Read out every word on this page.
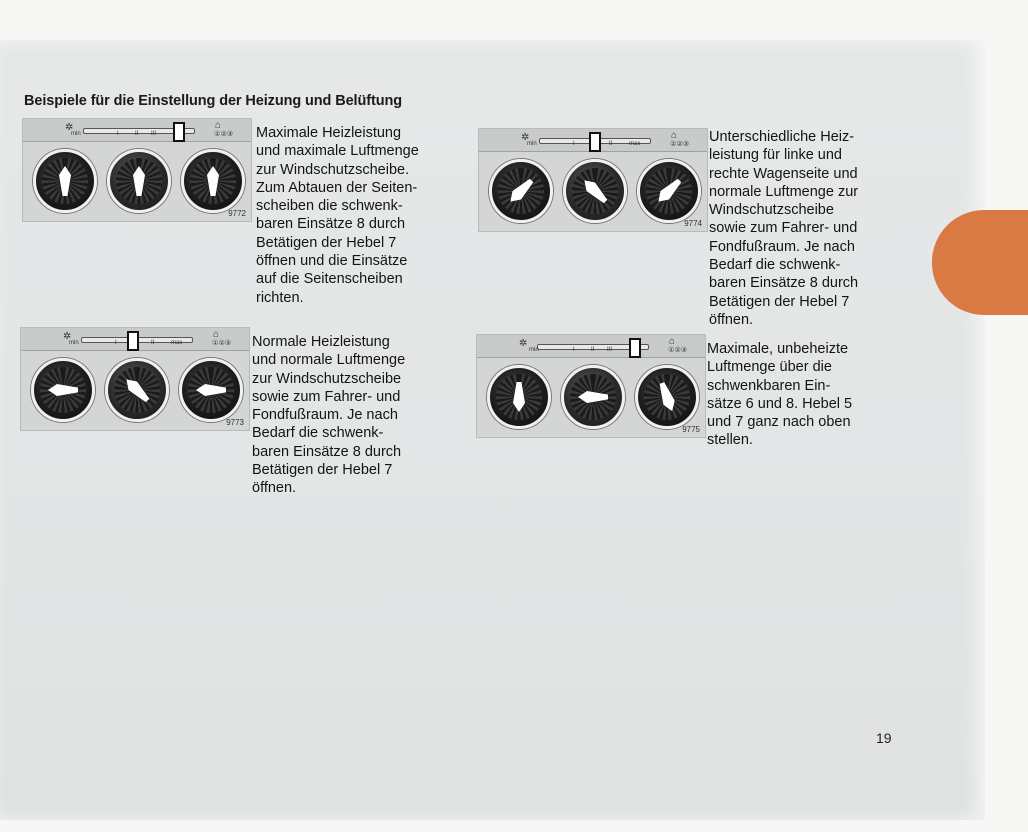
Beispiele für die Einstellung der Heizung und Belüftung
✲	⌂
min	I	II III	①②③
9772
Maximale Heizleistung
und maximale Luftmenge
zur Windschutzscheibe.
Zum Abtauen der Seiten-
scheiben die schwenk-
baren Einsätze 8 durch
Betätigen der Hebel 7
öffnen und die Einsätze
auf die Seitenscheiben
richten.
✲	⌂
min	I	II	max	①②③
9773
Normale Heizleistung
und normale Luftmenge
zur Windschutzscheibe
sowie zum Fahrer- und
Fondfußraum. Je nach
Bedarf die schwenk-
baren Einsätze 8 durch
Betätigen der Hebel 7
öffnen.
✲	⌂
min	I	II	max	①②③
9774
Unterschiedliche Heiz-
leistung für linke und
rechte Wagenseite und
normale Luftmenge zur
Windschutzscheibe
sowie zum Fahrer- und
Fondfußraum. Je nach
Bedarf die schwenk-
baren Einsätze 8 durch
Betätigen der Hebel 7
öffnen.
✲	⌂
min	I	II III	①②③
9775
Maximale, unbeheizte
Luftmenge über die
schwenkbaren Ein-
sätze 6 und 8. Hebel 5
und 7 ganz nach oben
stellen.
19
